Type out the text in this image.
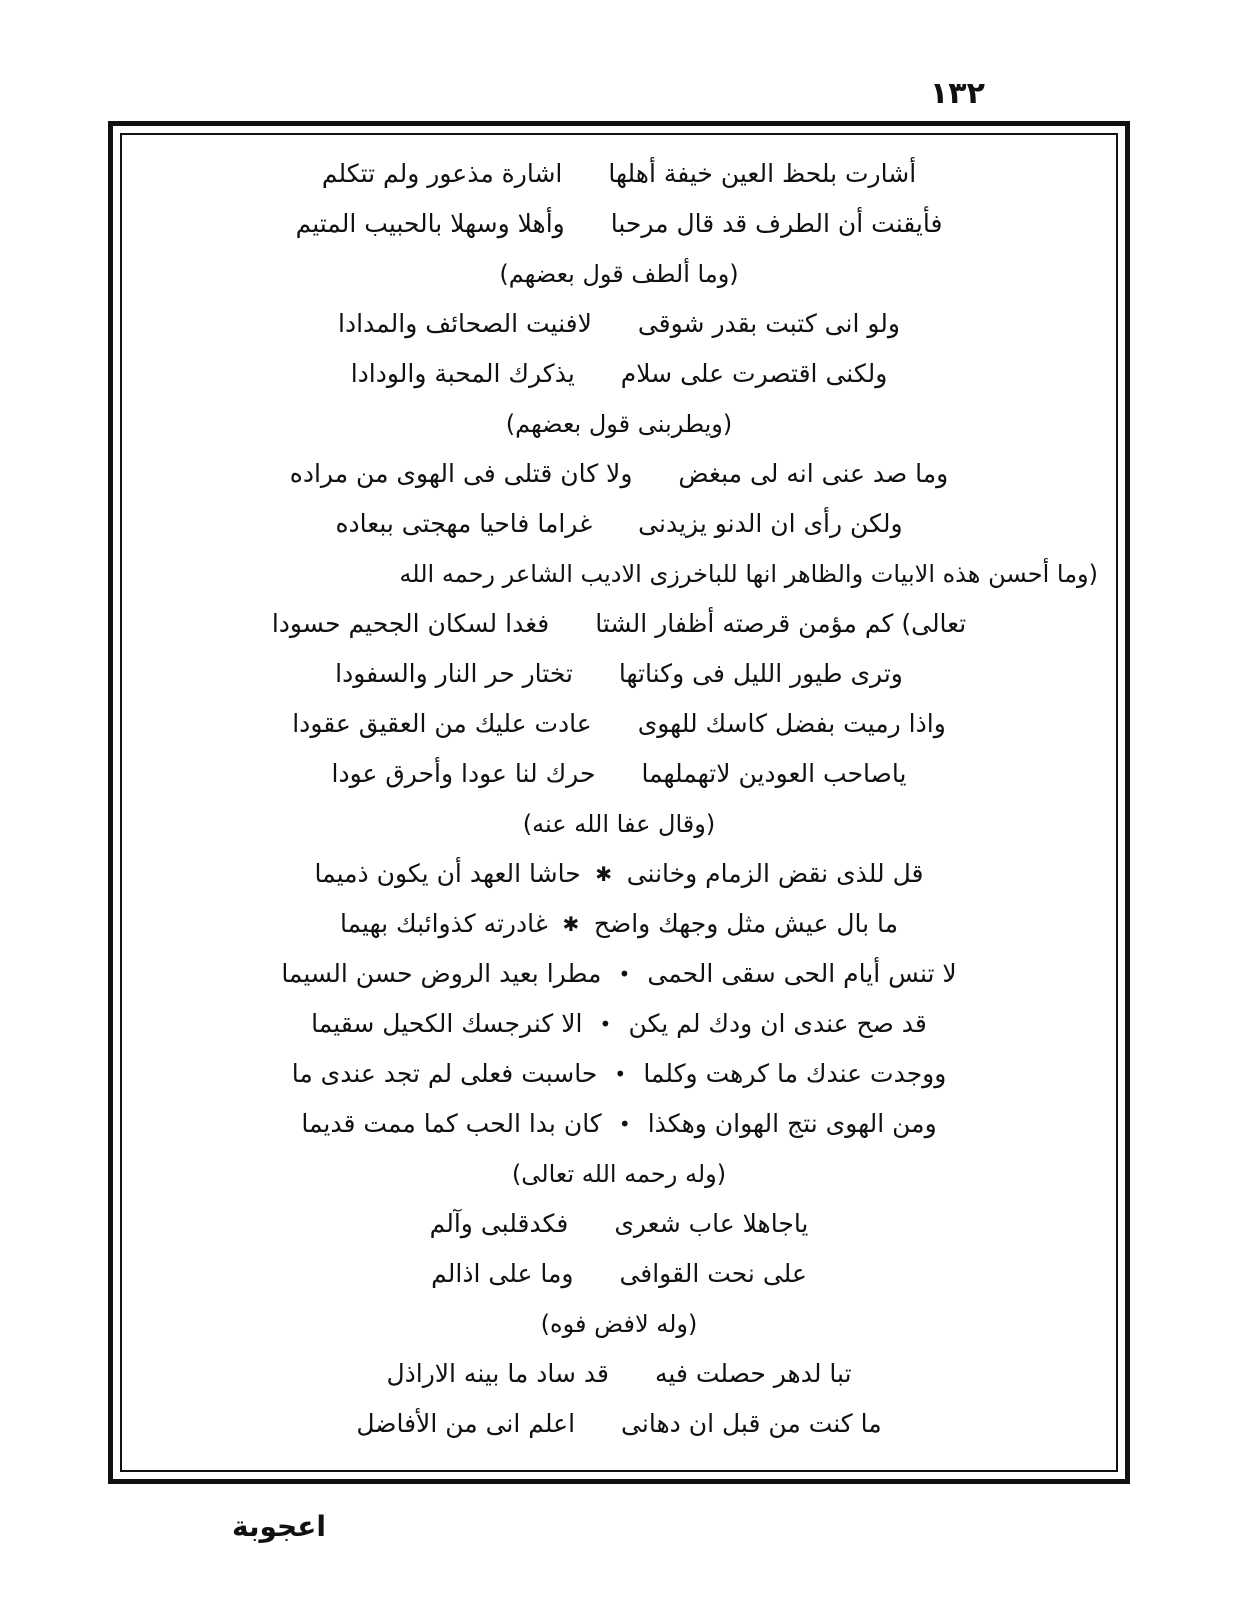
١٣٢
أشارت بلحظ العين خيفة أهلها
اشارة مذعور ولم تتكلم
فأيقنت أن الطرف قد قال مرحبا
وأهلا وسهلا بالحبيب المتيم
(وما ألطف قول بعضهم)
ولو انى كتبت بقدر شوقى
لافنيت الصحائف والمدادا
ولكنى اقتصرت على سلام
يذكرك المحبة والودادا
(ويطربنى قول بعضهم)
وما صد عنى انه لى مبغض
ولا كان قتلى فى الهوى من مراده
ولكن رأى ان الدنو يزيدنى
غراما فاحيا مهجتى ببعاده
(وما أحسن هذه الابيات والظاهر انها للباخرزى الاديب الشاعر رحمه الله
تعالى) كم مؤمن قرصته أظفار الشتا
فغدا لسكان الجحيم حسودا
وترى طيور الليل فى وكناتها
تختار حر النار والسفودا
واذا رميت بفضل كاسك للهوى
عادت عليك من العقيق عقودا
ياصاحب العودين لاتهملهما
حرك لنا عودا وأحرق عودا
(وقال عفا الله عنه)
قل للذى نقض الزمام وخاننى
✱
حاشا العهد أن يكون ذميما
ما بال عيش مثل وجهك واضح
✱
غادرته كذوائبك بهيما
لا تنس أيام الحى سقى الحمى
•
مطرا بعيد الروض حسن السيما
قد صح عندى ان ودك لم يكن
•
الا كنرجسك الكحيل سقيما
ووجدت عندك ما كرهت وكلما
•
حاسبت فعلى لم تجد عندى ما
ومن الهوى نتج الهوان وهكذا
•
كان بدا الحب كما ممت قديما
(وله رحمه الله تعالى)
ياجاهلا عاب شعرى
فكدقلبى وآلم
على نحت القوافى
وما على اذالم
(وله لافض فوه)
تبا لدهر حصلت فيه
قد ساد ما بينه الاراذل
ما كنت من قبل ان دهانى
اعلم انى من الأفاضل
اعجوبة
